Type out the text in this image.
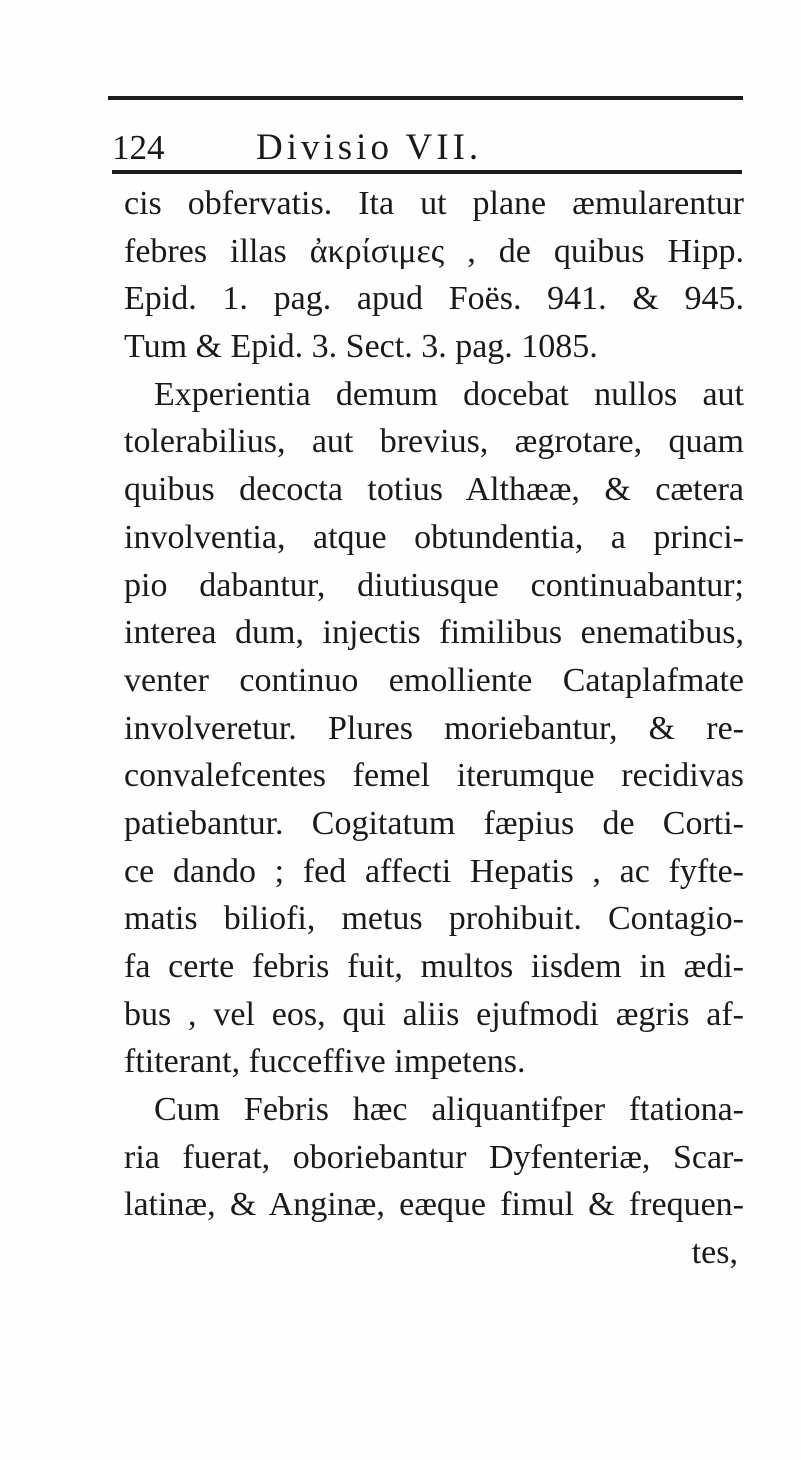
124 Divisio VII.
cis obfervatis. Ita ut plane æmularentur
febres illas ἀκρίσιμες , de quibus Hipp.
Epid. 1. pag. apud Foës. 941. & 945.
Tum & Epid. 3. Sect. 3. pag. 1085.
Experientia demum docebat nullos aut
tolerabilius, aut brevius, ægrotare, quam
quibus decocta totius Althææ, & cætera
involventia, atque obtundentia, a princi-
pio dabantur, diutiusque continuabantur;
interea dum, injectis fimilibus enematibus,
venter continuo emolliente Cataplafmate
involveretur. Plures moriebantur, & re-
convalefcentes femel iterumque recidivas
patiebantur. Cogitatum fæpius de Corti-
ce dando ; fed affecti Hepatis , ac fyfte-
matis biliofi, metus prohibuit. Contagio-
fa certe febris fuit, multos iisdem in ædi-
bus , vel eos, qui aliis ejufmodi ægris af-
ftiterant, fucceffive impetens.
Cum Febris hæc aliquantifper ftationa-
ria fuerat, oboriebantur Dyfenteriæ, Scar-
latinæ, & Anginæ, eæque fimul & frequen-
tes,
